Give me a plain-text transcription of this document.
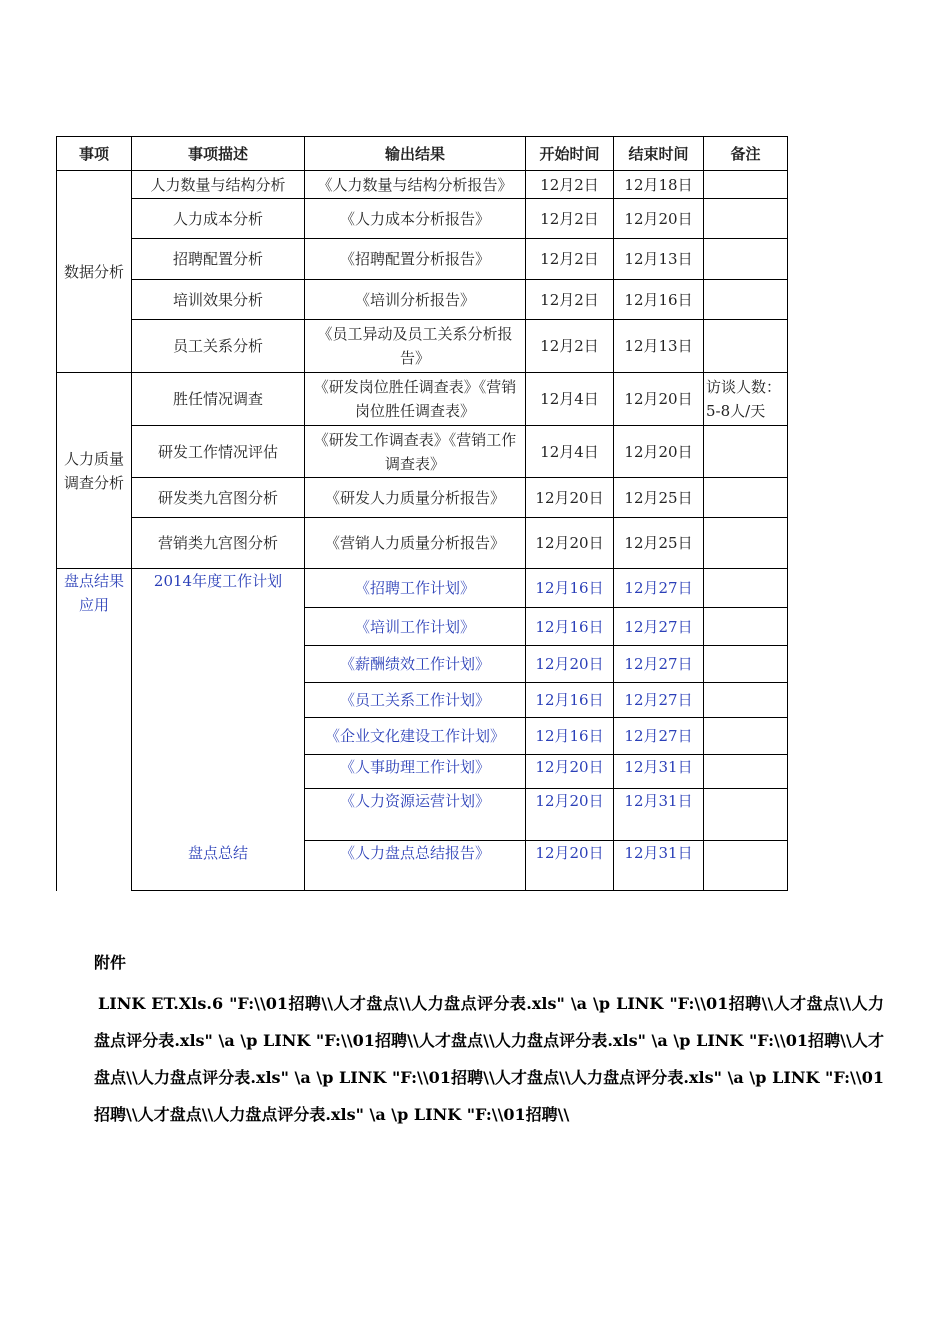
事项	事项描述	输出结果	开始时间	结束时间	备注
数据分析	人力数量与结构分析	《人力数量与结构分析报告》	12月2日	12月18日	
	人力成本分析	《人力成本分析报告》	12月2日	12月20日	
	招聘配置分析	《招聘配置分析报告》	12月2日	12月13日	
	培训效果分析	《培训分析报告》	12月2日	12月16日	
	员工关系分析	《员工异动及员工关系分析报告》	12月2日	12月13日	
人力质量调查分析	胜任情况调查	《研发岗位胜任调查表》《营销岗位胜任调查表》	12月4日	12月20日	访谈人数：5-8人/天
	研发工作情况评估	《研发工作调查表》《营销工作调查表》	12月4日	12月20日	
	研发类九宫图分析	《研发人力质量分析报告》	12月20日	12月25日	
	营销类九宫图分析	《营销人力质量分析报告》	12月20日	12月25日	
盘点结果应用	2014年度工作计划	《招聘工作计划》	12月16日	12月27日	
		《培训工作计划》	12月16日	12月27日	
		《薪酬绩效工作计划》	12月20日	12月27日	
		《员工关系工作计划》	12月16日	12月27日	
		《企业文化建设工作计划》	12月16日	12月27日	
		《人事助理工作计划》	12月20日	12月31日	
		《人力资源运营计划》	12月20日	12月31日	
	盘点总结	《人力盘点总结报告》	12月20日	12月31日	
附件
LINK ET.Xls.6 "F:\\01招聘\\人才盘点\\人力盘点评分表.xls" \a \p LINK "F:\\01招聘\\人才盘点\\人力盘点评分表.xls" \a \p LINK "F:\\01招聘\\人才盘点\\人力盘点评分表.xls" \a \p LINK "F:\\01招聘\\人才盘点\\人力盘点评分表.xls" \a \p LINK "F:\\01招聘\\人才盘点\\人力盘点评分表.xls" \a \p LINK "F:\\01招聘\\人才盘点\\人力盘点评分表.xls" \a \p LINK "F:\\01招聘\\
